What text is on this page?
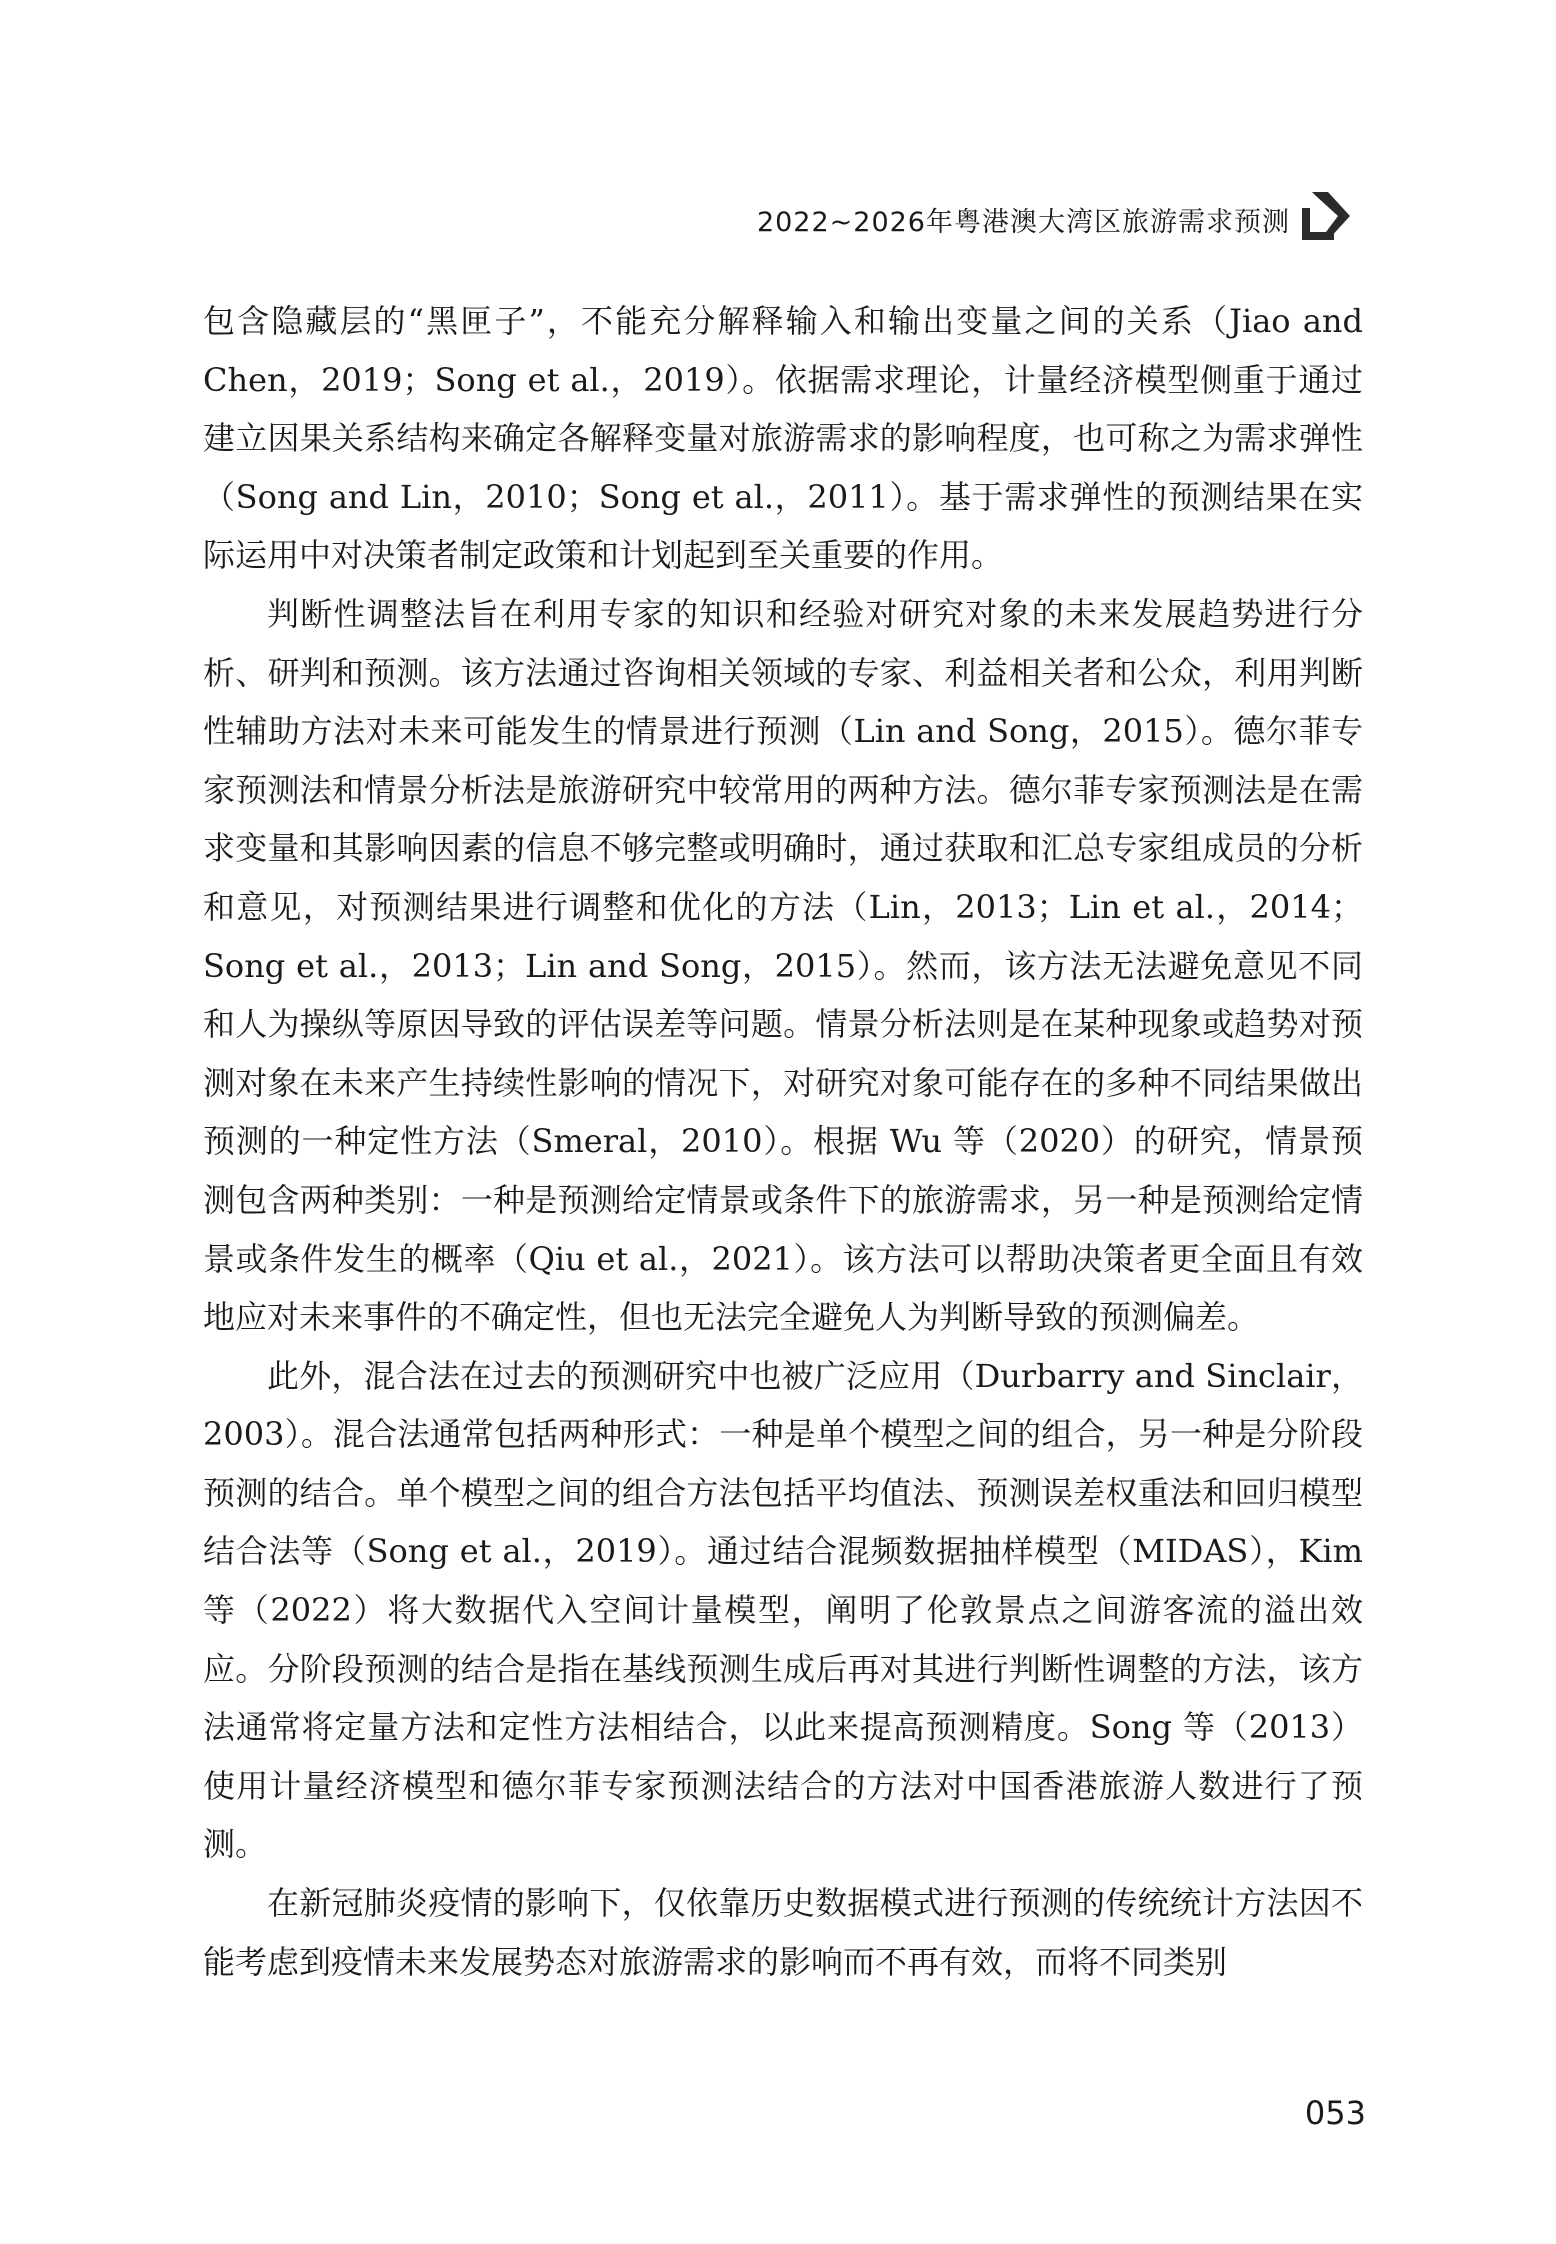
2022~2026年粤港澳大湾区旅游需求预测

包含隐藏层的“黑匣子”，不能充分解释输入和输出变量之间的关系（Jiao and Chen，2019；Song et al.，2019）。依据需求理论，计量经济模型侧重于通过建立因果关系结构来确定各解释变量对旅游需求的影响程度，也可称之为需求弹性（Song and Lin，2010；Song et al.，2011）。基于需求弹性的预测结果在实际运用中对决策者制定政策和计划起到至关重要的作用。

判断性调整法旨在利用专家的知识和经验对研究对象的未来发展趋势进行分析、研判和预测。该方法通过咨询相关领域的专家、利益相关者和公众，利用判断性辅助方法对未来可能发生的情景进行预测（Lin and Song，2015）。德尔菲专家预测法和情景分析法是旅游研究中较常用的两种方法。德尔菲专家预测法是在需求变量和其影响因素的信息不够完整或明确时，通过获取和汇总专家组成员的分析和意见，对预测结果进行调整和优化的方法（Lin，2013；Lin et al.，2014；Song et al.，2013；Lin and Song，2015）。然而，该方法无法避免意见不同和人为操纵等原因导致的评估误差等问题。情景分析法则是在某种现象或趋势对预测对象在未来产生持续性影响的情况下，对研究对象可能存在的多种不同结果做出预测的一种定性方法（Smeral，2010）。根据 Wu 等（2020）的研究，情景预测包含两种类别：一种是预测给定情景或条件下的旅游需求，另一种是预测给定情景或条件发生的概率（Qiu et al.，2021）。该方法可以帮助决策者更全面且有效地应对未来事件的不确定性，但也无法完全避免人为判断导致的预测偏差。

此外，混合法在过去的预测研究中也被广泛应用（Durbarry and Sinclair，2003）。混合法通常包括两种形式：一种是单个模型之间的组合，另一种是分阶段预测的结合。单个模型之间的组合方法包括平均值法、预测误差权重法和回归模型结合法等（Song et al.，2019）。通过结合混频数据抽样模型（MIDAS），Kim 等（2022）将大数据代入空间计量模型，阐明了伦敦景点之间游客流的溢出效应。分阶段预测的结合是指在基线预测生成后再对其进行判断性调整的方法，该方法通常将定量方法和定性方法相结合，以此来提高预测精度。Song 等（2013）使用计量经济模型和德尔菲专家预测法结合的方法对中国香港旅游人数进行了预测。

在新冠肺炎疫情的影响下，仅依靠历史数据模式进行预测的传统统计方法因不能考虑到疫情未来发展势态对旅游需求的影响而不再有效，而将不同类别

053
